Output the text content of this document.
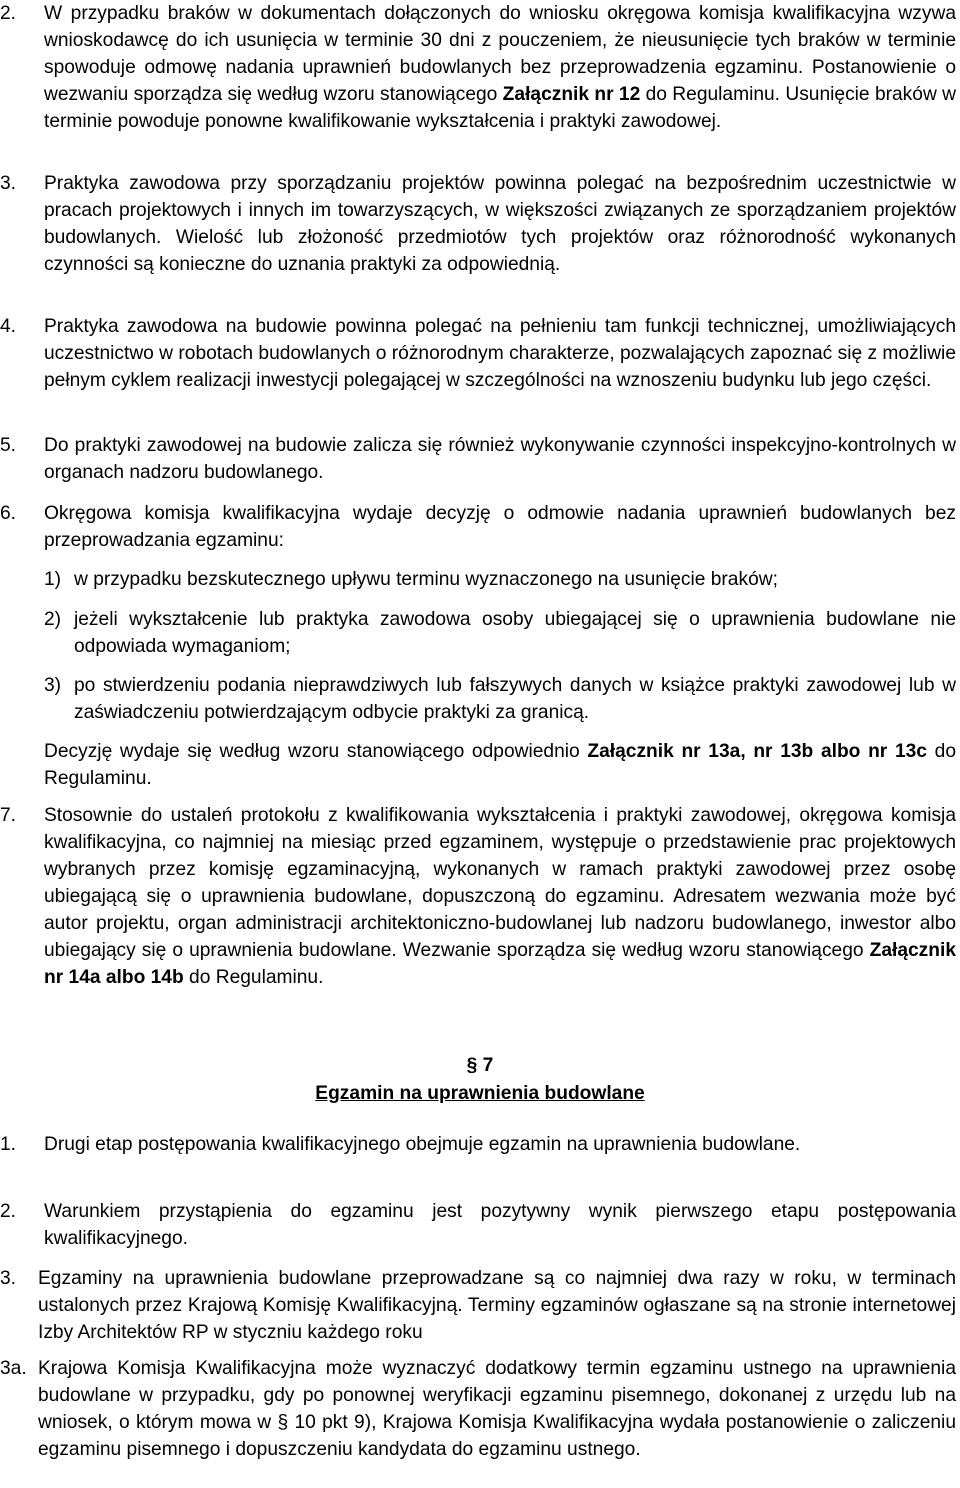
2. W przypadku braków w dokumentach dołączonych do wniosku okręgowa komisja kwalifikacyjna wzywa wnioskodawcę do ich usunięcia w terminie 30 dni z pouczeniem, że nieusunięcie tych braków w terminie spowoduje odmowę nadania uprawnień budowlanych bez przeprowadzenia egzaminu. Postanowienie o wezwaniu sporządza się według wzoru stanowiącego Załącznik nr 12 do Regulaminu. Usunięcie braków w terminie powoduje ponowne kwalifikowanie wykształcenia i praktyki zawodowej.

3. Praktyka zawodowa przy sporządzaniu projektów powinna polegać na bezpośrednim uczestnictwie w pracach projektowych i innych im towarzyszących, w większości związanych ze sporządzaniem projektów budowlanych. Wielość lub złożoność przedmiotów tych projektów oraz różnorodność wykonanych czynności są konieczne do uznania praktyki za odpowiednią.

4. Praktyka zawodowa na budowie powinna polegać na pełnieniu tam funkcji technicznej, umożliwiających uczestnictwo w robotach budowlanych o różnorodnym charakterze, pozwalających zapoznać się z możliwie pełnym cyklem realizacji inwestycji polegającej w szczególności na wznoszeniu budynku lub jego części.

5. Do praktyki zawodowej na budowie zalicza się również wykonywanie czynności inspekcyjno-kontrolnych w organach nadzoru budowlanego.

6. Okręgowa komisja kwalifikacyjna wydaje decyzję o odmowie nadania uprawnień budowlanych bez przeprowadzania egzaminu:

1) w przypadku bezskutecznego upływu terminu wyznaczonego na usunięcie braków;

2) jeżeli wykształcenie lub praktyka zawodowa osoby ubiegającej się o uprawnienia budowlane nie odpowiada wymaganiom;

3) po stwierdzeniu podania nieprawdziwych lub fałszywych danych w książce praktyki zawodowej lub w zaświadczeniu potwierdzającym odbycie praktyki za granicą.

Decyzję wydaje się według wzoru stanowiącego odpowiednio Załącznik nr 13a, nr 13b albo nr 13c do Regulaminu.

7. Stosownie do ustaleń protokołu z kwalifikowania wykształcenia i praktyki zawodowej, okręgowa komisja kwalifikacyjna, co najmniej na miesiąc przed egzaminem, występuje o przedstawienie prac projektowych wybranych przez komisję egzaminacyjną, wykonanych w ramach praktyki zawodowej przez osobę ubiegającą się o uprawnienia budowlane, dopuszczoną do egzaminu. Adresatem wezwania może być autor projektu, organ administracji architektoniczno-budowlanej lub nadzoru budowlanego, inwestor albo ubiegający się o uprawnienia budowlane. Wezwanie sporządza się według wzoru stanowiącego Załącznik nr 14a albo 14b do Regulaminu.

§ 7
Egzamin na uprawnienia budowlane
1. Drugi etap postępowania kwalifikacyjnego obejmuje egzamin na uprawnienia budowlane.

2. Warunkiem przystąpienia do egzaminu jest pozytywny wynik pierwszego etapu postępowania kwalifikacyjnego.

3. Egzaminy na uprawnienia budowlane przeprowadzane są co najmniej dwa razy w roku, w terminach ustalonych przez Krajową Komisję Kwalifikacyjną. Terminy egzaminów ogłaszane są na stronie internetowej Izby Architektów RP w styczniu każdego roku

3a. Krajowa Komisja Kwalifikacyjna może wyznaczyć dodatkowy termin egzaminu ustnego na uprawnienia budowlane w przypadku, gdy po ponownej weryfikacji egzaminu pisemnego, dokonanej z urzędu lub na wniosek, o którym mowa w § 10 pkt 9), Krajowa Komisja Kwalifikacyjna wydała postanowienie o zaliczeniu egzaminu pisemnego i dopuszczeniu kandydata do egzaminu ustnego.
